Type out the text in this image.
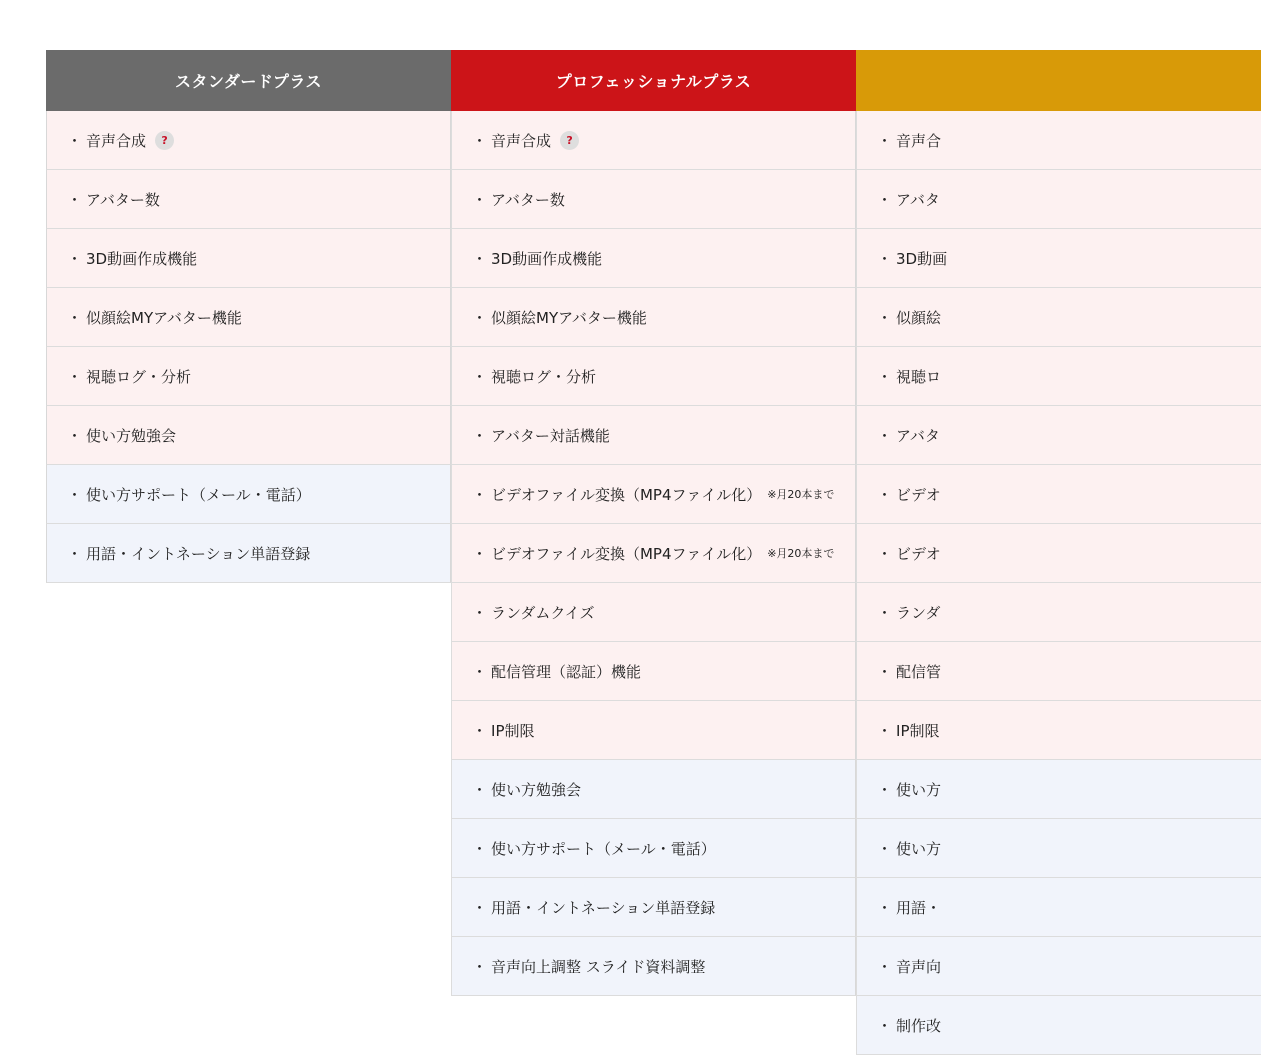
スタンダードプラス
・ 音声合成	?
・ アバター数
・ 3D動画作成機能
・ 似顔絵MYアバター機能
・ 視聴ログ・分析
・ 使い方勉強会
・ 使い方サポート（メール・電話）
・ 用語・イントネーション単語登録
プロフェッショナルプラス
・ 音声合成	?
・ アバター数
・ 3D動画作成機能
・ 似顔絵MYアバター機能
・ 視聴ログ・分析
・ アバター対話機能
・ ビデオファイル変換（MP4ファイル化） ※月20本まで
・ ビデオファイル変換（MP4ファイル化） ※月20本まで
・ ランダムクイズ
・ 配信管理（認証）機能
・ IP制限
・ 使い方勉強会
・ 使い方サポート（メール・電話）
・ 用語・イントネーション単語登録
・ 音声向上調整 スライド資料調整
・ 音声合
・ アバタ
・ 3D動画
・ 似顔絵
・ 視聴ロ
・ アバタ
・ ビデオ
・ ビデオ
・ ランダ
・ 配信管
・ IP制限
・ 使い方
・ 使い方
・ 用語・
・ 音声向
・ 制作改
